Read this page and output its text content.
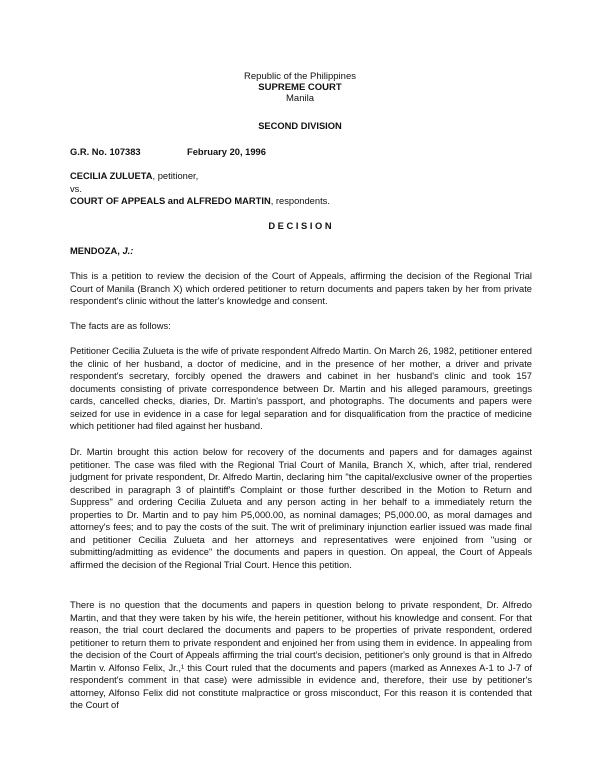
Republic of the Philippines
SUPREME COURT
Manila
SECOND DIVISION
G.R. No. 107383	February 20, 1996
CECILIA ZULUETA, petitioner,
vs.
COURT OF APPEALS and ALFREDO MARTIN, respondents.
D E C I S I O N
MENDOZA, J.:
This is a petition to review the decision of the Court of Appeals, affirming the decision of the Regional Trial Court of Manila (Branch X) which ordered petitioner to return documents and papers taken by her from private respondent's clinic without the latter's knowledge and consent.
The facts are as follows:
Petitioner Cecilia Zulueta is the wife of private respondent Alfredo Martin. On March 26, 1982, petitioner entered the clinic of her husband, a doctor of medicine, and in the presence of her mother, a driver and private respondent's secretary, forcibly opened the drawers and cabinet in her husband's clinic and took 157 documents consisting of private correspondence between Dr. Martin and his alleged paramours, greetings cards, cancelled checks, diaries, Dr. Martin's passport, and photographs. The documents and papers were seized for use in evidence in a case for legal separation and for disqualification from the practice of medicine which petitioner had filed against her husband.
Dr. Martin brought this action below for recovery of the documents and papers and for damages against petitioner. The case was filed with the Regional Trial Court of Manila, Branch X, which, after trial, rendered judgment for private respondent, Dr. Alfredo Martin, declaring him "the capital/exclusive owner of the properties described in paragraph 3 of plaintiff's Complaint or those further described in the Motion to Return and Suppress" and ordering Cecilia Zulueta and any person acting in her behalf to a immediately return the properties to Dr. Martin and to pay him P5,000.00, as nominal damages; P5,000.00, as moral damages and attorney's fees; and to pay the costs of the suit. The writ of preliminary injunction earlier issued was made final and petitioner Cecilia Zulueta and her attorneys and representatives were enjoined from "using or submitting/admitting as evidence" the documents and papers in question. On appeal, the Court of Appeals affirmed the decision of the Regional Trial Court. Hence this petition.
There is no question that the documents and papers in question belong to private respondent, Dr. Alfredo Martin, and that they were taken by his wife, the herein petitioner, without his knowledge and consent. For that reason, the trial court declared the documents and papers to be properties of private respondent, ordered petitioner to return them to private respondent and enjoined her from using them in evidence. In appealing from the decision of the Court of Appeals affirming the trial court's decision, petitioner's only ground is that in Alfredo Martin v. Alfonso Felix, Jr.,¹ this Court ruled that the documents and papers (marked as Annexes A-1 to J-7 of respondent's comment in that case) were admissible in evidence and, therefore, their use by petitioner's attorney, Alfonso Felix did not constitute malpractice or gross misconduct, For this reason it is contended that the Court of
